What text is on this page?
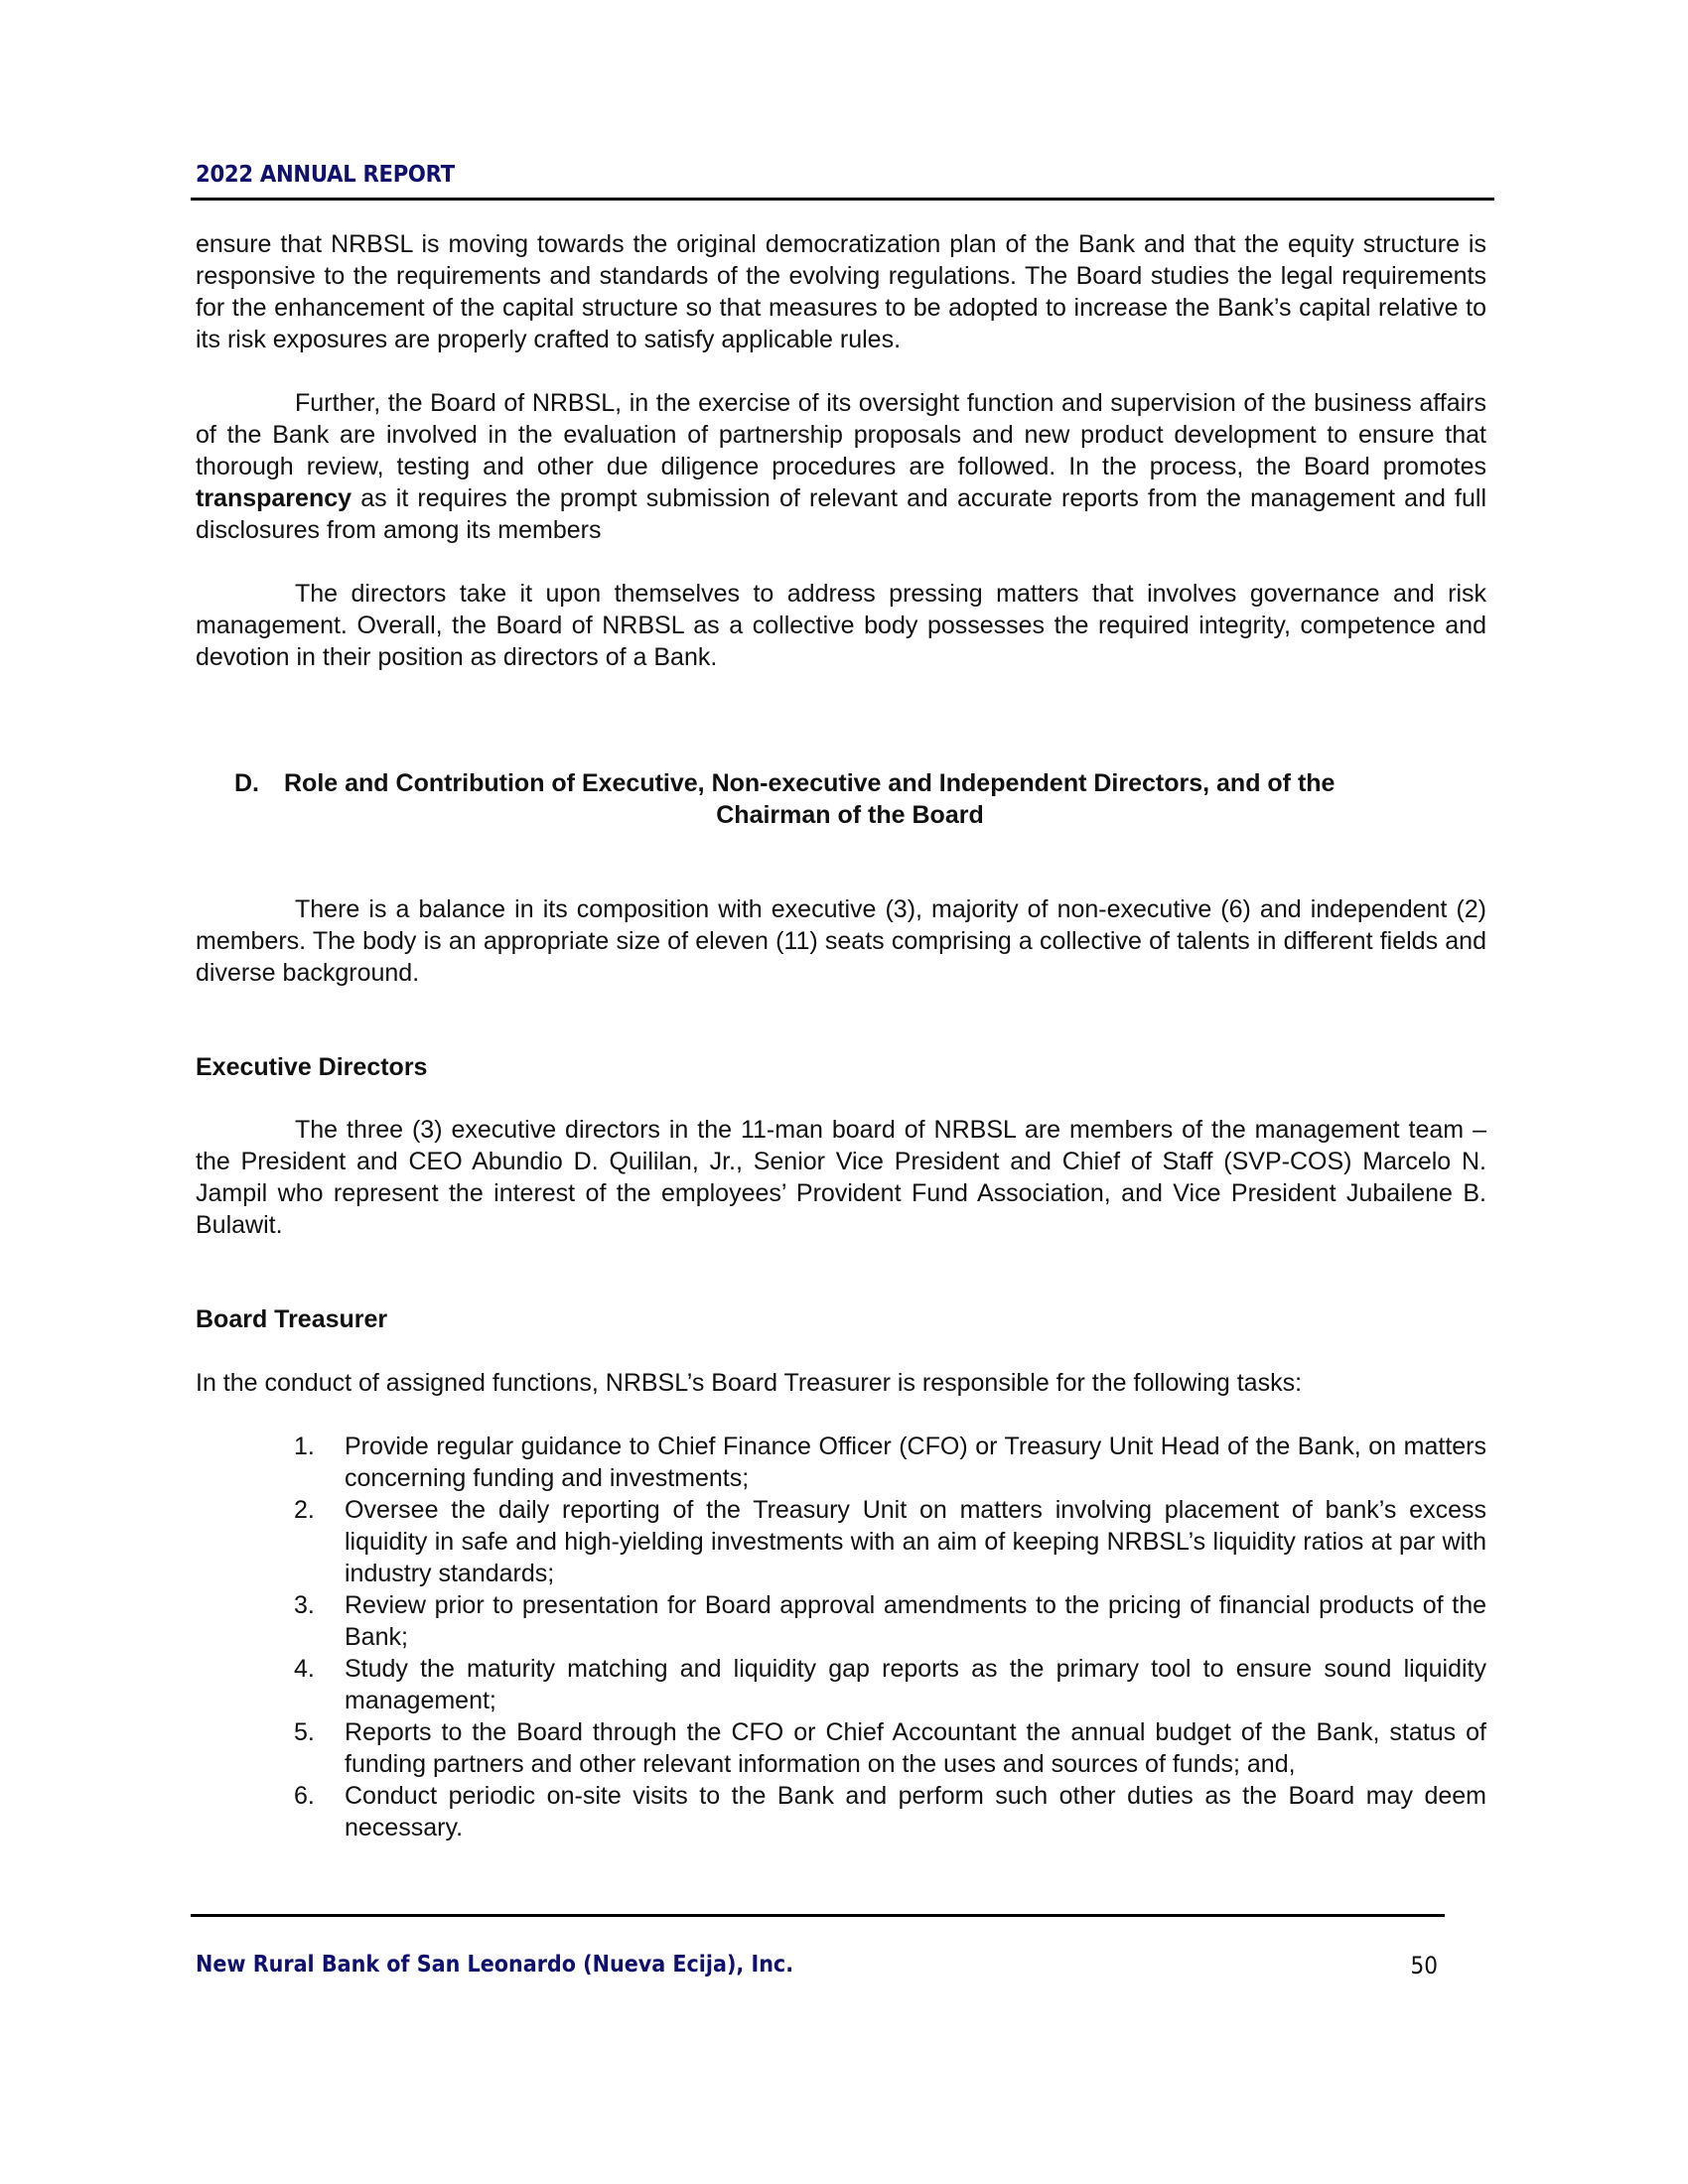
2022 ANNUAL REPORT

ensure that NRBSL is moving towards the original democratization plan of the Bank and that the equity structure is responsive to the requirements and standards of the evolving regulations. The Board studies the legal requirements for the enhancement of the capital structure so that measures to be adopted to increase the Bank’s capital relative to its risk exposures are properly crafted to satisfy applicable rules.

Further, the Board of NRBSL, in the exercise of its oversight function and supervision of the business affairs of the Bank are involved in the evaluation of partnership proposals and new product development to ensure that thorough review, testing and other due diligence procedures are followed. In the process, the Board promotes transparency as it requires the prompt submission of relevant and accurate reports from the management and full disclosures from among its members

The directors take it upon themselves to address pressing matters that involves governance and risk management. Overall, the Board of NRBSL as a collective body possesses the required integrity, competence and devotion in their position as directors of a Bank.

D.	Role and Contribution of Executive, Non-executive and Independent Directors, and of the
Chairman of the Board

There is a balance in its composition with executive (3), majority of non-executive (6) and independent (2) members. The body is an appropriate size of eleven (11) seats comprising a collective of talents in different fields and diverse background.

Executive Directors

The three (3) executive directors in the 11-man board of NRBSL are members of the management team – the President and CEO Abundio D. Quililan, Jr., Senior Vice President and Chief of Staff (SVP-COS) Marcelo N. Jampil who represent the interest of the employees’ Provident Fund Association, and Vice President Jubailene B. Bulawit.

Board Treasurer

In the conduct of assigned functions, NRBSL’s Board Treasurer is responsible for the following tasks:

1.	Provide regular guidance to Chief Finance Officer (CFO) or Treasury Unit Head of the Bank, on matters concerning funding and investments;
2.	Oversee the daily reporting of the Treasury Unit on matters involving placement of bank’s excess liquidity in safe and high-yielding investments with an aim of keeping NRBSL’s liquidity ratios at par with industry standards;
3.	Review prior to presentation for Board approval amendments to the pricing of financial products of the Bank;
4.	Study the maturity matching and liquidity gap reports as the primary tool to ensure sound liquidity management;
5.	Reports to the Board through the CFO or Chief Accountant the annual budget of the Bank, status of funding partners and other relevant information on the uses and sources of funds; and,
6.	Conduct periodic on-site visits to the Bank and perform such other duties as the Board may deem necessary.
New Rural Bank of San Leonardo (Nueva Ecija), Inc.	50
